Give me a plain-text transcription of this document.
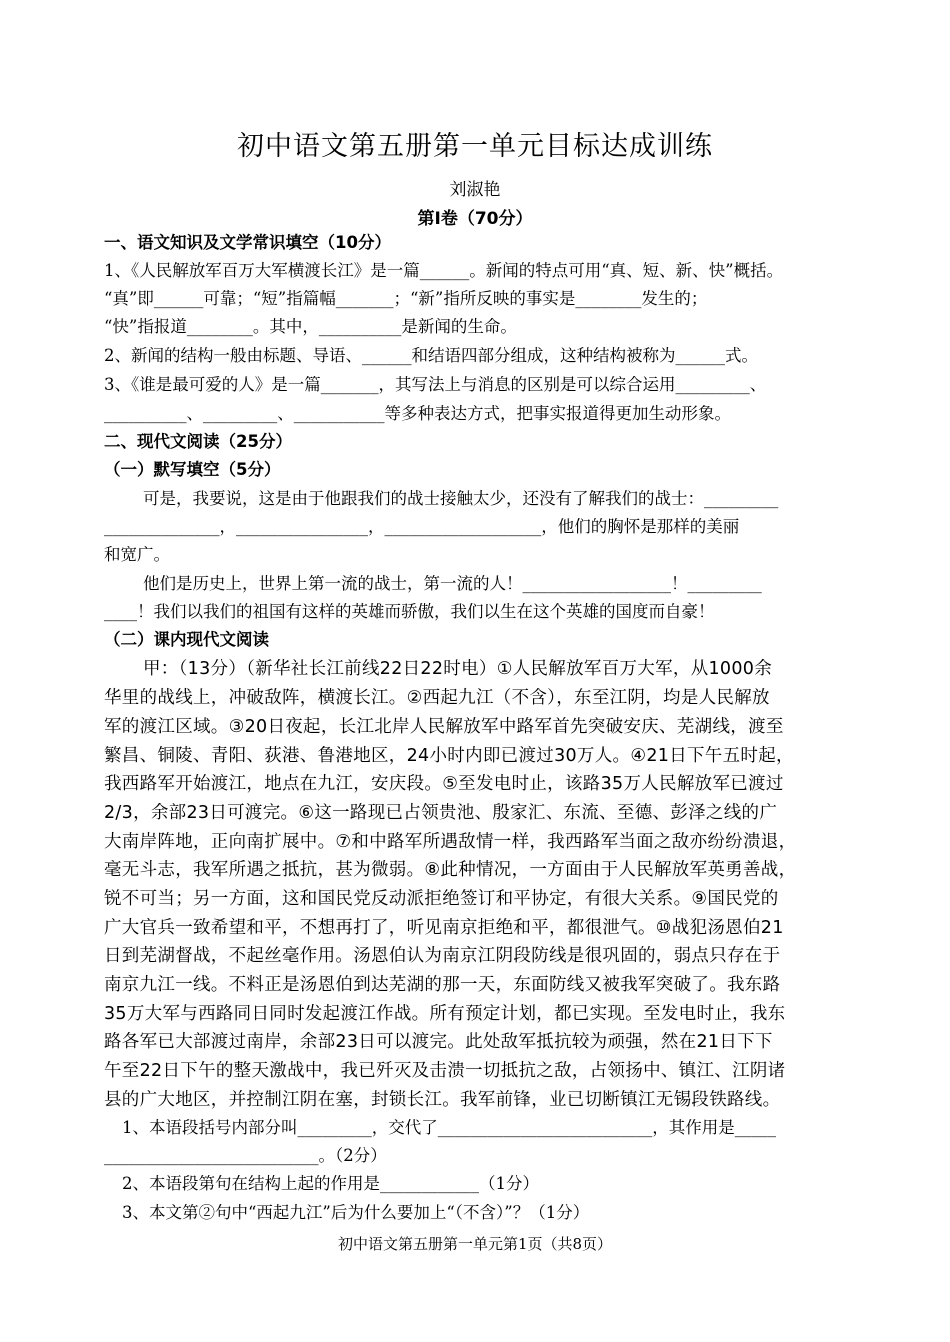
初中语文第五册第一单元目标达成训练
刘淑艳
第Ⅰ卷（70分）
一、语文知识及文学常识填空（10分）
1、《人民解放军百万大军横渡长江》是一篇______。新闻的特点可用“真、短、新、快”概括。
“真”即______可靠；“短”指篇幅_______；“新”指所反映的事实是________发生的；
“快”指报道________。其中，__________是新闻的生命。
2、新闻的结构一般由标题、导语、______和结语四部分组成，这种结构被称为______式。
3、《谁是最可爱的人》是一篇_______，其写法上与消息的区别是可以综合运用_________、
__________、_________、___________等多种表达方式，把事实报道得更加生动形象。
二、现代文阅读（25分）
（一）默写填空（5分）
可是，我要说，这是由于他跟我们的战士接触太少，还没有了解我们的战士：_________
______________，________________，___________________，他们的胸怀是那样的美丽
和宽广。
他们是历史上，世界上第一流的战士，第一流的人！__________________！_________
____！我们以我们的祖国有这样的英雄而骄傲，我们以生在这个英雄的国度而自豪！
（二）课内现代文阅读
甲：（13分）（新华社长江前线22日22时电）①人民解放军百万大军，从1000余
华里的战线上，冲破敌阵，横渡长江。②西起九江（不含），东至江阴，均是人民解放
军的渡江区域。③20日夜起，长江北岸人民解放军中路军首先突破安庆、芜湖线，渡至
繁昌、铜陵、青阳、荻港、鲁港地区，24小时内即已渡过30万人。④21日下午五时起，
我西路军开始渡江，地点在九江，安庆段。⑤至发电时止，该路35万人民解放军已渡过
2/3，余部23日可渡完。⑥这一路现已占领贵池、殷家汇、东流、至德、彭泽之线的广
大南岸阵地，正向南扩展中。⑦和中路军所遇敌情一样，我西路军当面之敌亦纷纷溃退，
毫无斗志，我军所遇之抵抗，甚为微弱。⑧此种情况，一方面由于人民解放军英勇善战，
锐不可当；另一方面，这和国民党反动派拒绝签订和平协定，有很大关系。⑨国民党的
广大官兵一致希望和平，不想再打了，听见南京拒绝和平，都很泄气。⑩战犯汤恩伯21
日到芜湖督战，不起丝毫作用。汤恩伯认为南京江阴段防线是很巩固的，弱点只存在于
南京九江一线。不料正是汤恩伯到达芜湖的那一天，东面防线又被我军突破了。我东路
35万大军与西路同日同时发起渡江作战。所有预定计划，都已实现。至发电时止，我东
路各军已大部渡过南岸，余部23日可以渡完。此处敌军抵抗较为顽强，然在21日下下
午至22日下午的整天激战中，我已歼灭及击溃一切抵抗之敌，占领扬中、镇江、江阴诸
县的广大地区，并控制江阴在塞，封锁长江。我军前锋，业已切断镇江无锡段铁路线。
1、本语段括号内部分叫_________，交代了__________________________，其作用是_____
__________________________。（2分）
2、本语段第句在结构上起的作用是____________（1分）
3、本文第②句中“西起九江”后为什么要加上“（不含）”？（1分）
初中语文第五册第一单元第1页（共8页）
